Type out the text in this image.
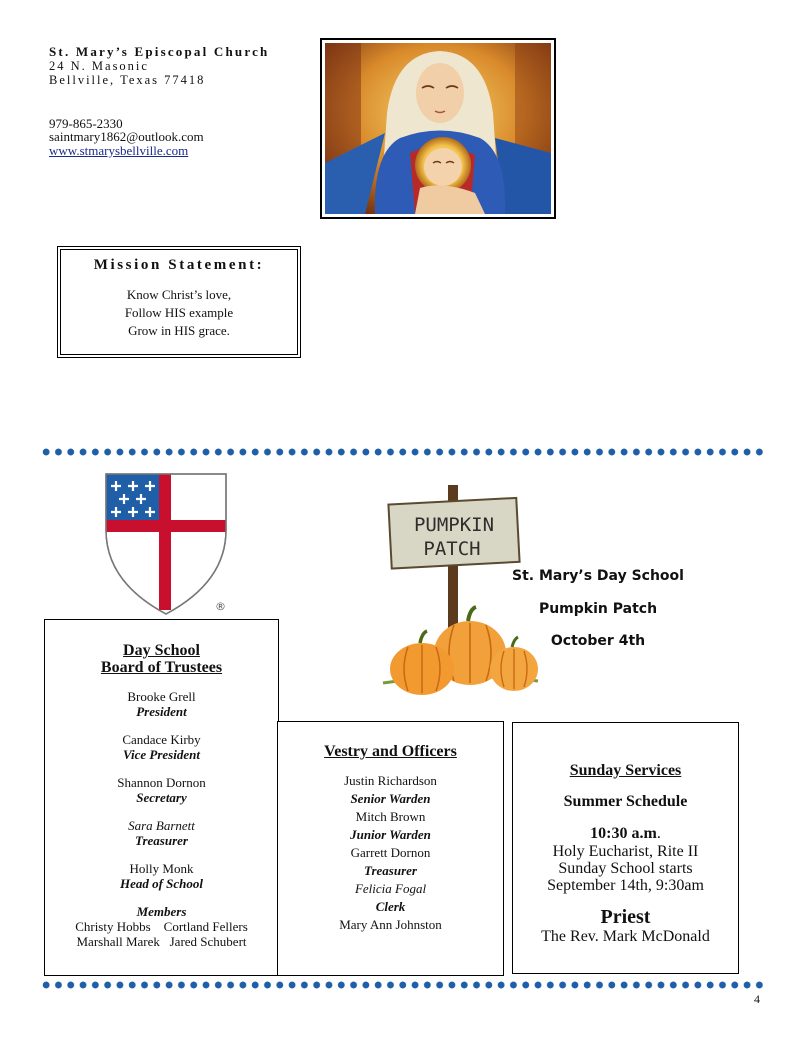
St. Mary’s Episcopal Church
24 N. Masonic
Bellville, Texas 77418
979-865-2330
saintmary1862@outlook.com
www.stmarysbellville.com
Mission Statement:
Know Christ’s love,
Follow HIS example
Grow in HIS grace.
®
PUMPKIN
PATCH
St. Mary’s Day School
Pumpkin Patch
October 4th
Day School
Board of Trustees
Brooke Grell
President
Candace Kirby
Vice President
Shannon Dornon
Secretary
Sara Barnett
Treasurer
Holly Monk
Head of School
Members
Christy Hobbs Cortland Fellers
Marshall Marek Jared Schubert
Vestry and Officers
Justin Richardson
Senior Warden
Mitch Brown
Junior Warden
Garrett Dornon
Treasurer
Felicia Fogal
Clerk
Mary Ann Johnston
Sunday Services
Summer Schedule
10:30 a.m.
Holy Eucharist, Rite II
Sunday School starts
September 14th, 9:30am
Priest
The Rev. Mark McDonald
4
